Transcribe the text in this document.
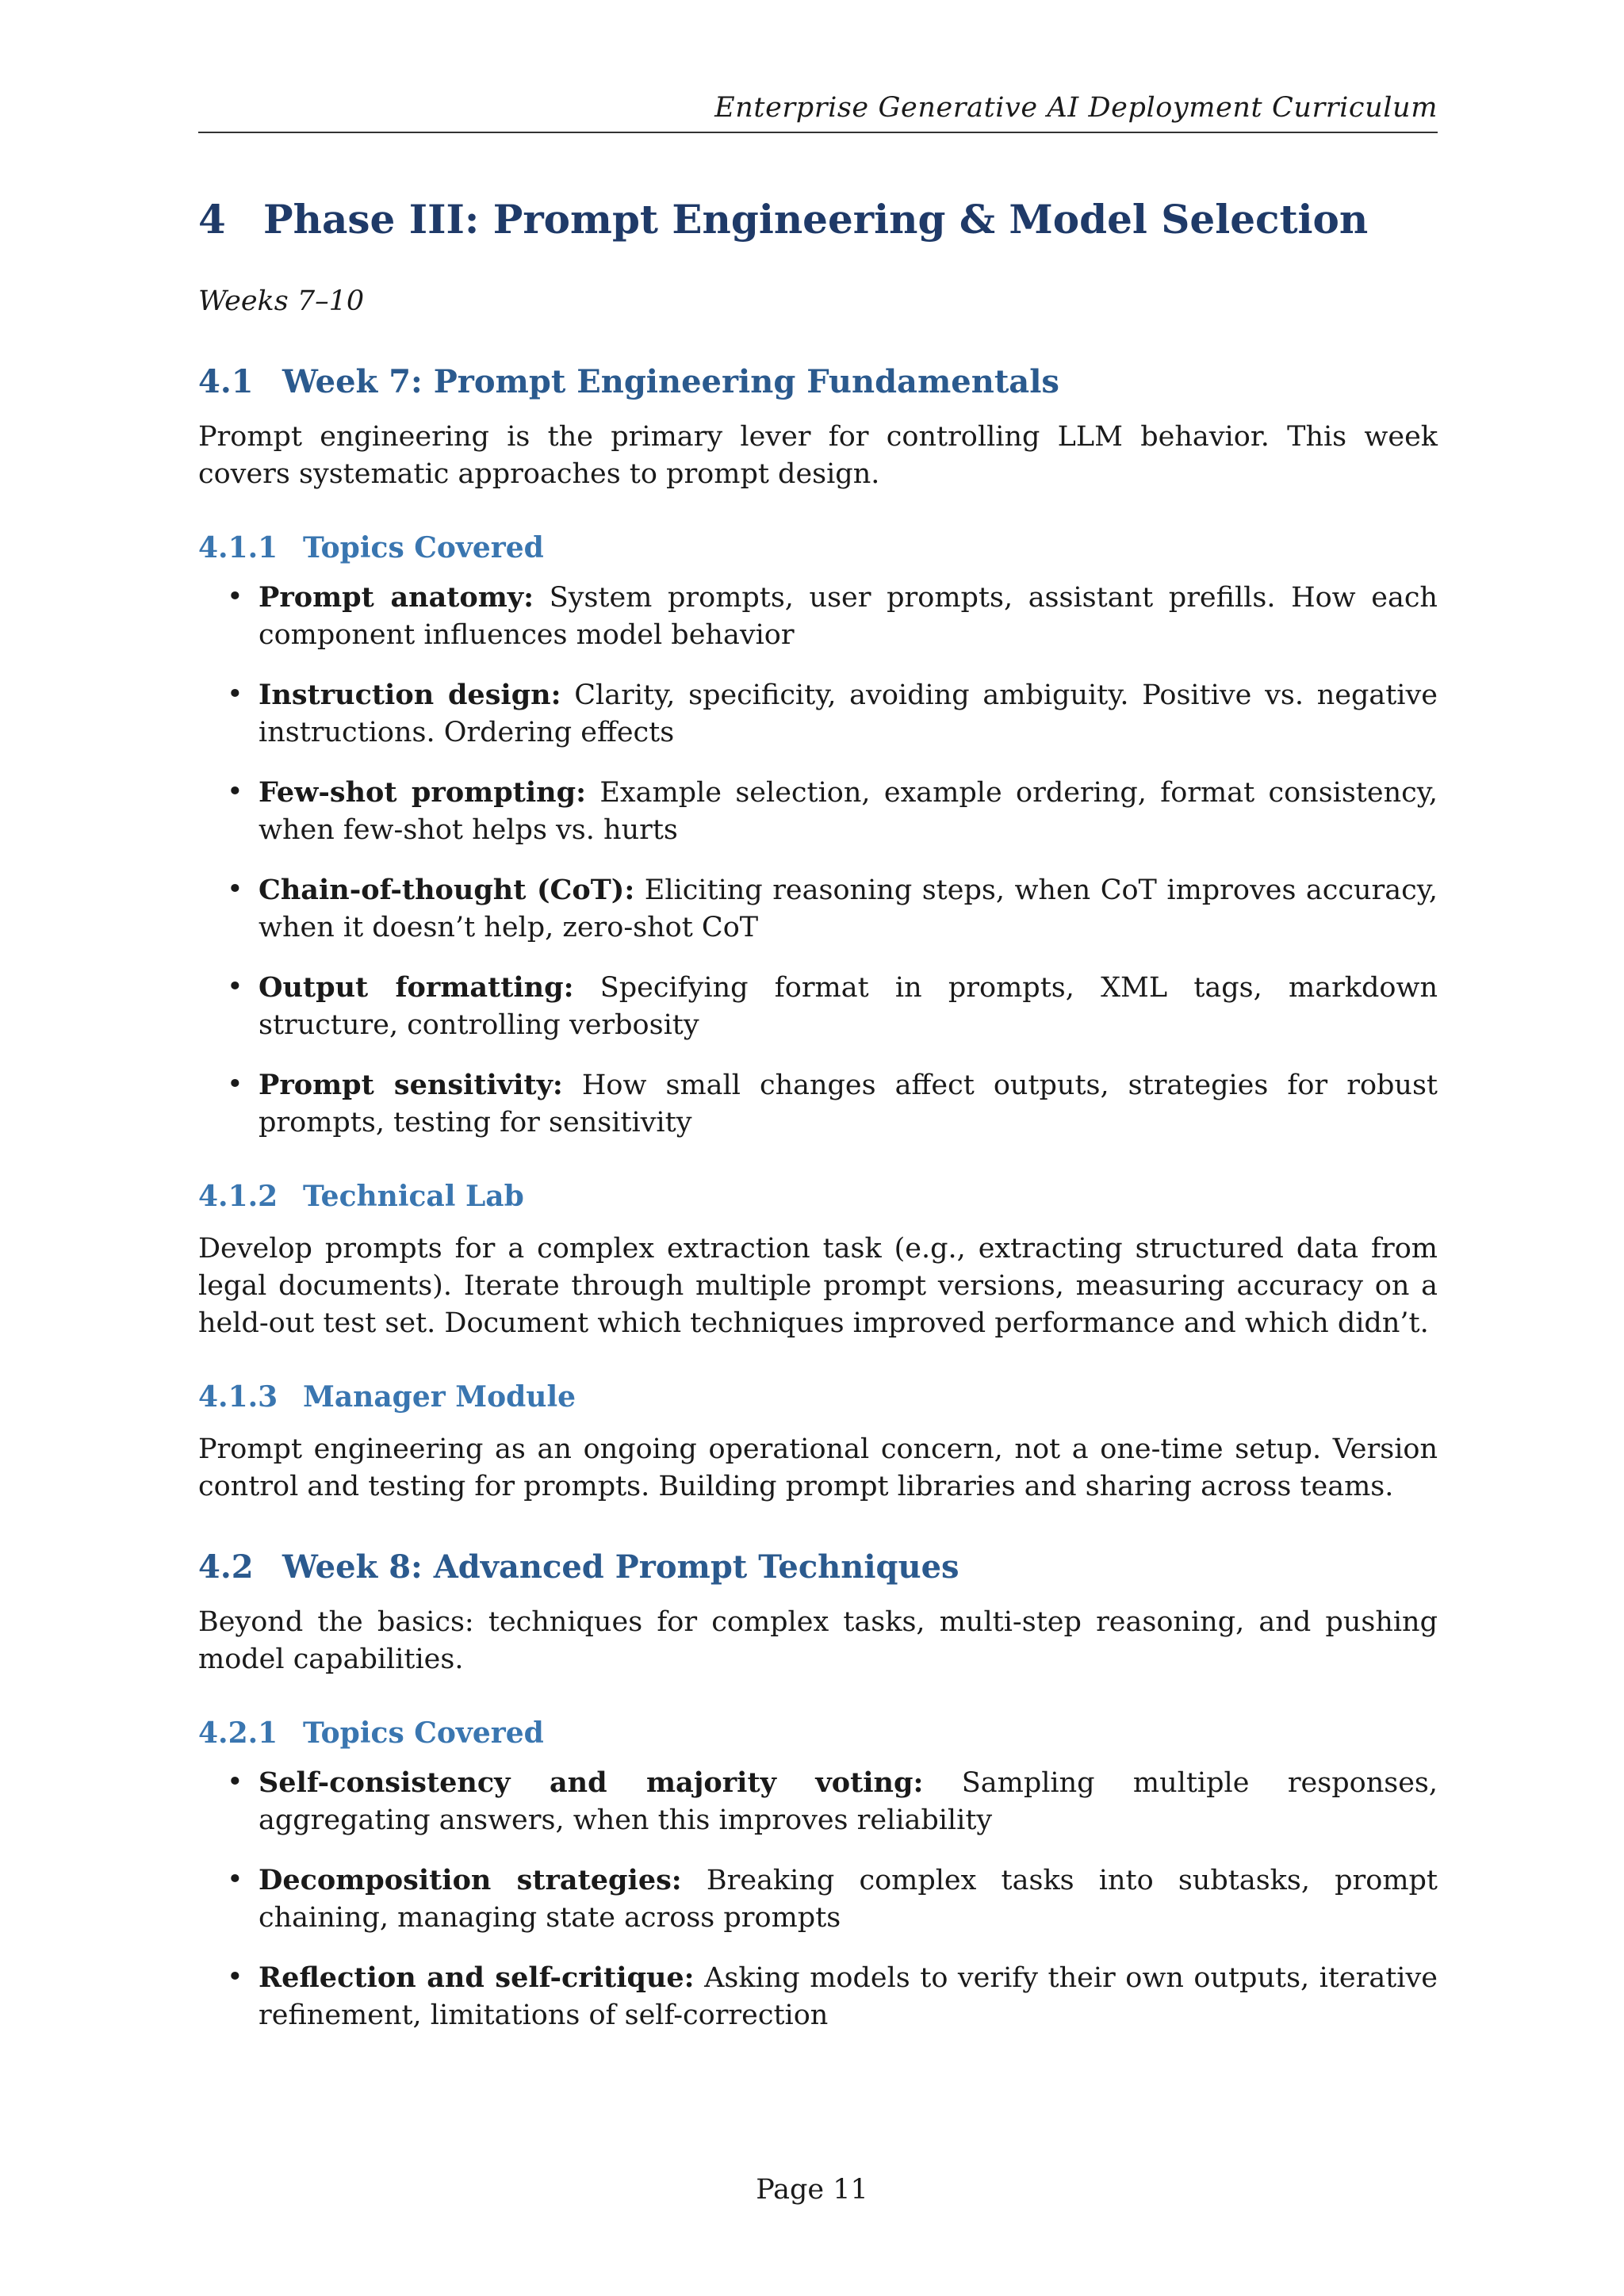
Enterprise Generative AI Deployment Curriculum
4 Phase III: Prompt Engineering & Model Selection

Weeks 7–10

4.1 Week 7: Prompt Engineering Fundamentals

Prompt engineering is the primary lever for controlling LLM behavior. This week covers systematic approaches to prompt design.

4.1.1 Topics Covered
• Prompt anatomy: System prompts, user prompts, assistant prefills. How each component influences model behavior
• Instruction design: Clarity, specificity, avoiding ambiguity. Positive vs. negative instructions. Ordering effects
• Few-shot prompting: Example selection, example ordering, format consistency, when few-shot helps vs. hurts
• Chain-of-thought (CoT): Eliciting reasoning steps, when CoT improves accuracy, when it doesn’t help, zero-shot CoT
• Output formatting: Specifying format in prompts, XML tags, markdown structure, controlling verbosity
• Prompt sensitivity: How small changes affect outputs, strategies for robust prompts, testing for sensitivity
4.1.2 Technical Lab

Develop prompts for a complex extraction task (e.g., extracting structured data from legal documents). Iterate through multiple prompt versions, measuring accuracy on a held-out test set. Document which techniques improved performance and which didn’t.

4.1.3 Manager Module

Prompt engineering as an ongoing operational concern, not a one-time setup. Version control and testing for prompts. Building prompt libraries and sharing across teams.

4.2 Week 8: Advanced Prompt Techniques

Beyond the basics: techniques for complex tasks, multi-step reasoning, and pushing model capabilities.

4.2.1 Topics Covered
• Self-consistency and majority voting: Sampling multiple responses, aggregating answers, when this improves reliability
• Decomposition strategies: Breaking complex tasks into subtasks, prompt chaining, managing state across prompts
• Reflection and self-critique: Asking models to verify their own outputs, iterative refinement, limitations of self-correction
Page 11
